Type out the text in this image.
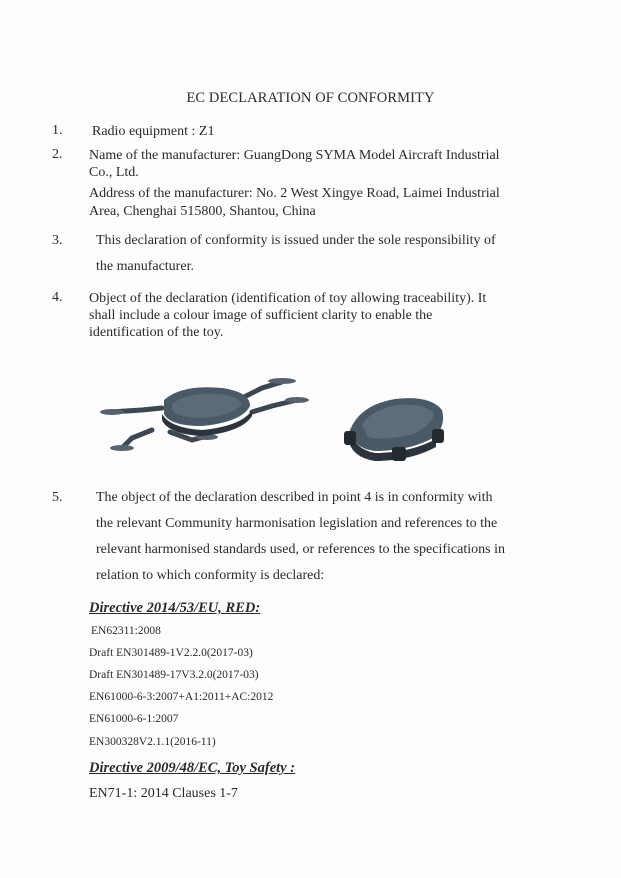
EC DECLARATION OF CONFORMITY
1. Radio equipment : Z1
2. Name of the manufacturer: GuangDong SYMA Model Aircraft Industrial
Co., Ltd.
Address of the manufacturer: No. 2 West Xingye Road, Laimei Industrial
Area, Chenghai 515800, Shantou, China
3. This declaration of conformity is issued under the sole responsibility of
the manufacturer.
4. Object of the declaration (identification of toy allowing traceability). It
shall include a colour image of sufficient clarity to enable the
identification of the toy.
5. The object of the declaration described in point 4 is in conformity with
the relevant Community harmonisation legislation and references to the
relevant harmonised standards used, or references to the specifications in
relation to which conformity is declared:
Directive 2014/53/EU, RED:
EN62311:2008
Draft EN301489-1V2.2.0(2017-03)
Draft EN301489-17V3.2.0(2017-03)
EN61000-6-3:2007+A1:2011+AC:2012
EN61000-6-1:2007
EN300328V2.1.1(2016-11)
Directive 2009/48/EC, Toy Safety :
EN71-1: 2014 Clauses 1-7
